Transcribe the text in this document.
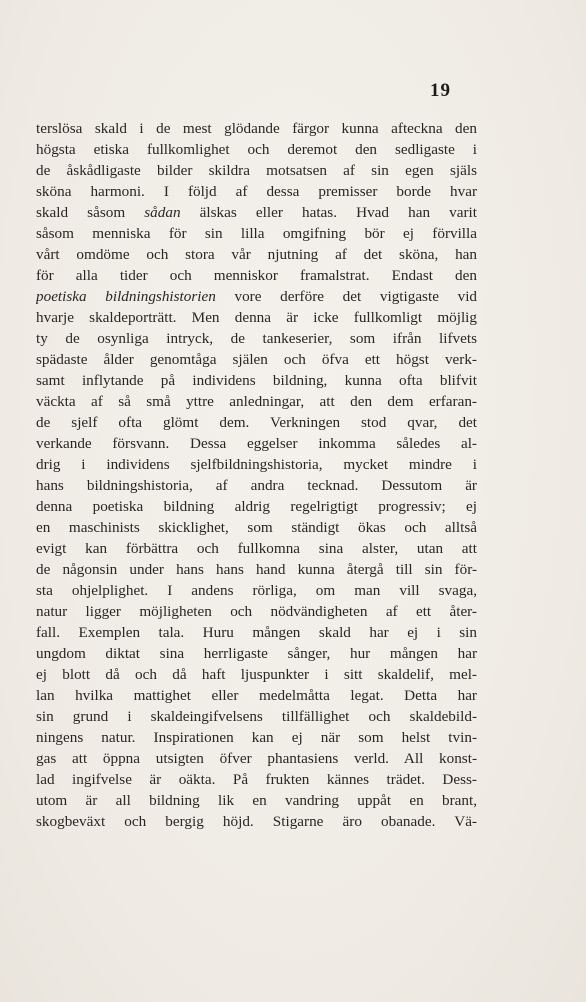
19
terslösa skald i de mest glödande färgor kunna afteckna den
högsta etiska fullkomlighet och deremot den sedligaste i
de åskådligaste bilder skildra motsatsen af sin egen själs
sköna harmoni. I följd af dessa premisser borde hvar
skald såsom sådan älskas eller hatas. Hvad han varit
såsom menniska för sin lilla omgifning bör ej förvilla
vårt omdöme och stora vår njutning af det sköna, han
för alla tider och menniskor framalstrat. Endast den
poetiska bildningshistorien vore derföre det vigtigaste vid
hvarje skaldeporträtt. Men denna är icke fullkomligt möjlig
ty de osynliga intryck, de tankeserier, som ifrån lifvets
spädaste ålder genomtåga själen och öfva ett högst verk-
samt inflytande på individens bildning, kunna ofta blifvit
väckta af så små yttre anledningar, att den dem erfaran-
de sjelf ofta glömt dem. Verkningen stod qvar, det
verkande försvann. Dessa eggelser inkomma således al-
drig i individens sjelfbildningshistoria, mycket mindre i
hans bildningshistoria, af andra tecknad. Dessutom är
denna poetiska bildning aldrig regelrigtigt progressiv; ej
en maschinists skicklighet, som ständigt ökas och alltså
evigt kan förbättra och fullkomna sina alster, utan att
de någonsin under hans hans hand kunna återgå till sin för-
sta ohjelplighet. I andens rörliga, om man vill svaga,
natur ligger möjligheten och nödvändigheten af ett åter-
fall. Exemplen tala. Huru mången skald har ej i sin
ungdom diktat sina herrligaste sånger, hur mången har
ej blott då och då haft ljuspunkter i sitt skaldelif, mel-
lan hvilka mattighet eller medelmåtta legat. Detta har
sin grund i skaldeingifvelsens tillfällighet och skaldebild-
ningens natur. Inspirationen kan ej när som helst tvin-
gas att öppna utsigten öfver phantasiens verld. All konst-
lad ingifvelse är oäkta. På frukten kännes trädet. Dess-
utom är all bildning lik en vandring uppåt en brant,
skogbeväxt och bergig höjd. Stigarne äro obanade. Vä-
